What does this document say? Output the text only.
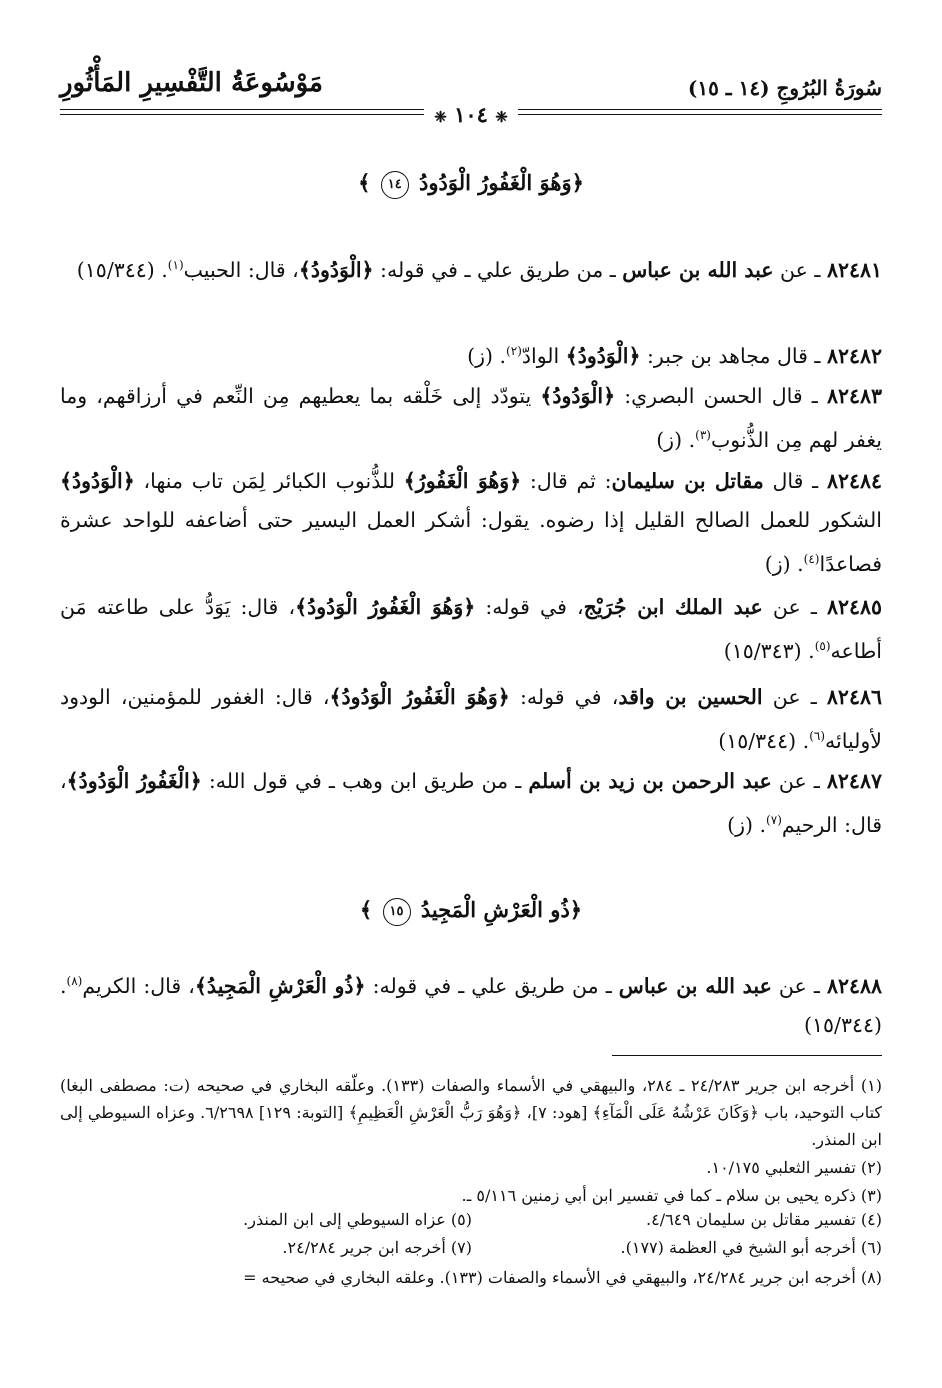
سُورَةُ البُرُوجِ (١٤ ـ ١٥)
مَوْسُوعَةُ التَّفْسِيرِ المَأْثُورِ
❈ ١٠٤ ❈
﴿وَهُوَ الْغَفُورُ الْوَدُودُ ١٤ ﴾
٨٢٤٨١ ـ عن عبد الله بن عباس ـ من طريق علي ـ في قوله: ﴿الْوَدُودُ﴾، قال: الحبيب$^{(١)}$. (١٥/٣٤٤)
٨٢٤٨٢ ـ قال مجاهد بن جبر: ﴿الْوَدُودُ﴾ الوادّ$^{(٢)}$. (ز)
٨٢٤٨٣ ـ قال الحسن البصري: ﴿الْوَدُودُ﴾ يتودّد إلى خَلْقه بما يعطيهم مِن النِّعم في أرزاقهم، وما يغفر لهم مِن الذُّنوب$^{(٣)}$. (ز)
٨٢٤٨٤ ـ قال مقاتل بن سليمان: ثم قال: ﴿وَهُوَ الْغَفُورُ﴾ للذُّنوب الكبائر لِمَن تاب منها، ﴿الْوَدُودُ﴾ الشكور للعمل الصالح القليل إذا رضوه. يقول: أشكر العمل اليسير حتى أضاعفه للواحد عشرة فصاعدًا$^{(٤)}$. (ز)
٨٢٤٨٥ ـ عن عبد الملك ابن جُرَيْج، في قوله: ﴿وَهُوَ الْغَفُورُ الْوَدُودُ﴾، قال: يَوَدُّ على طاعته مَن أطاعه$^{(٥)}$. (١٥/٣٤٣)
٨٢٤٨٦ ـ عن الحسين بن واقد، في قوله: ﴿وَهُوَ الْغَفُورُ الْوَدُودُ﴾، قال: الغفور للمؤمنين، الودود لأوليائه$^{(٦)}$. (١٥/٣٤٤)
٨٢٤٨٧ ـ عن عبد الرحمن بن زيد بن أسلم ـ من طريق ابن وهب ـ في قول الله: ﴿الْغَفُورُ الْوَدُودُ﴾، قال: الرحيم$^{(٧)}$. (ز)
﴿ذُو الْعَرْشِ الْمَجِيدُ ١٥ ﴾
٨٢٤٨٨ ـ عن عبد الله بن عباس ـ من طريق علي ـ في قوله: ﴿ذُو الْعَرْشِ الْمَجِيدُ﴾، قال: الكريم$^{(٨)}$. (١٥/٣٤٤)
(١) أخرجه ابن جرير ٢٤/٢٨٣ ـ ٢٨٤، والبيهقي في الأسماء والصفات (١٣٣). وعلّقه البخاري في صحيحه (ت: مصطفى البغا) كتاب التوحيد، باب ﴿وَكَانَ عَرْشُهُ عَلَى الْمَآءِ﴾ [هود: ٧]، ﴿وَهُوَ رَبُّ الْعَرْشِ الْعَظِيمِ﴾ [التوبة: ١٢٩] ٦/٢٦٩٨. وعزاه السيوطي إلى ابن المنذر.
(٢) تفسير الثعلبي ١٠/١٧٥.
(٣) ذكره يحيى بن سلام ـ كما في تفسير ابن أبي زمنين ٥/١١٦ ـ.
(٤) تفسير مقاتل بن سليمان ٤/٦٤٩.
(٥) عزاه السيوطي إلى ابن المنذر.
(٦) أخرجه أبو الشيخ في العظمة (١٧٧).
(٧) أخرجه ابن جرير ٢٤/٢٨٤.
(٨) أخرجه ابن جرير ٢٤/٢٨٤، والبيهقي في الأسماء والصفات (١٣٣). وعلقه البخاري في صحيحه =
